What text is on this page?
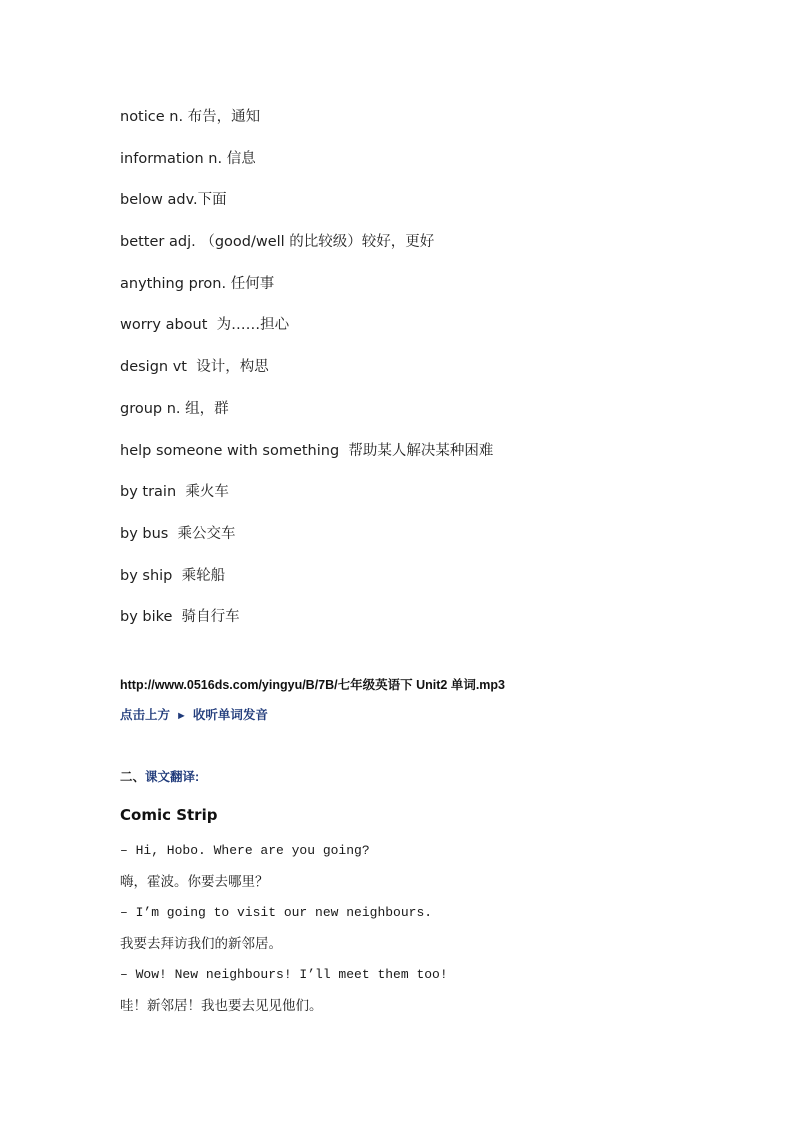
notice n. 布告，通知
information n. 信息
below adv.下面
better adj. （good/well 的比较级）较好，更好
anything pron. 任何事
worry about  为……担心
design vt  设计，构思
group n. 组，群
help someone with something  帮助某人解决某种困难
by train  乘火车
by bus  乘公交车
by ship  乘轮船
by bike  骑自行车
http://www.0516ds.com/yingyu/B/7B/七年级英语下 Unit2 单词.mp3
点击上方 ► 收听单词发音
二、课文翻译:
Comic Strip
– Hi, Hobo. Where are you going?
嗨，霍波。你要去哪里？
– I’m going to visit our new neighbours.
我要去拜访我们的新邻居。
– Wow! New neighbours! I’ll meet them too!
哇！新邻居！我也要去见见他们。
